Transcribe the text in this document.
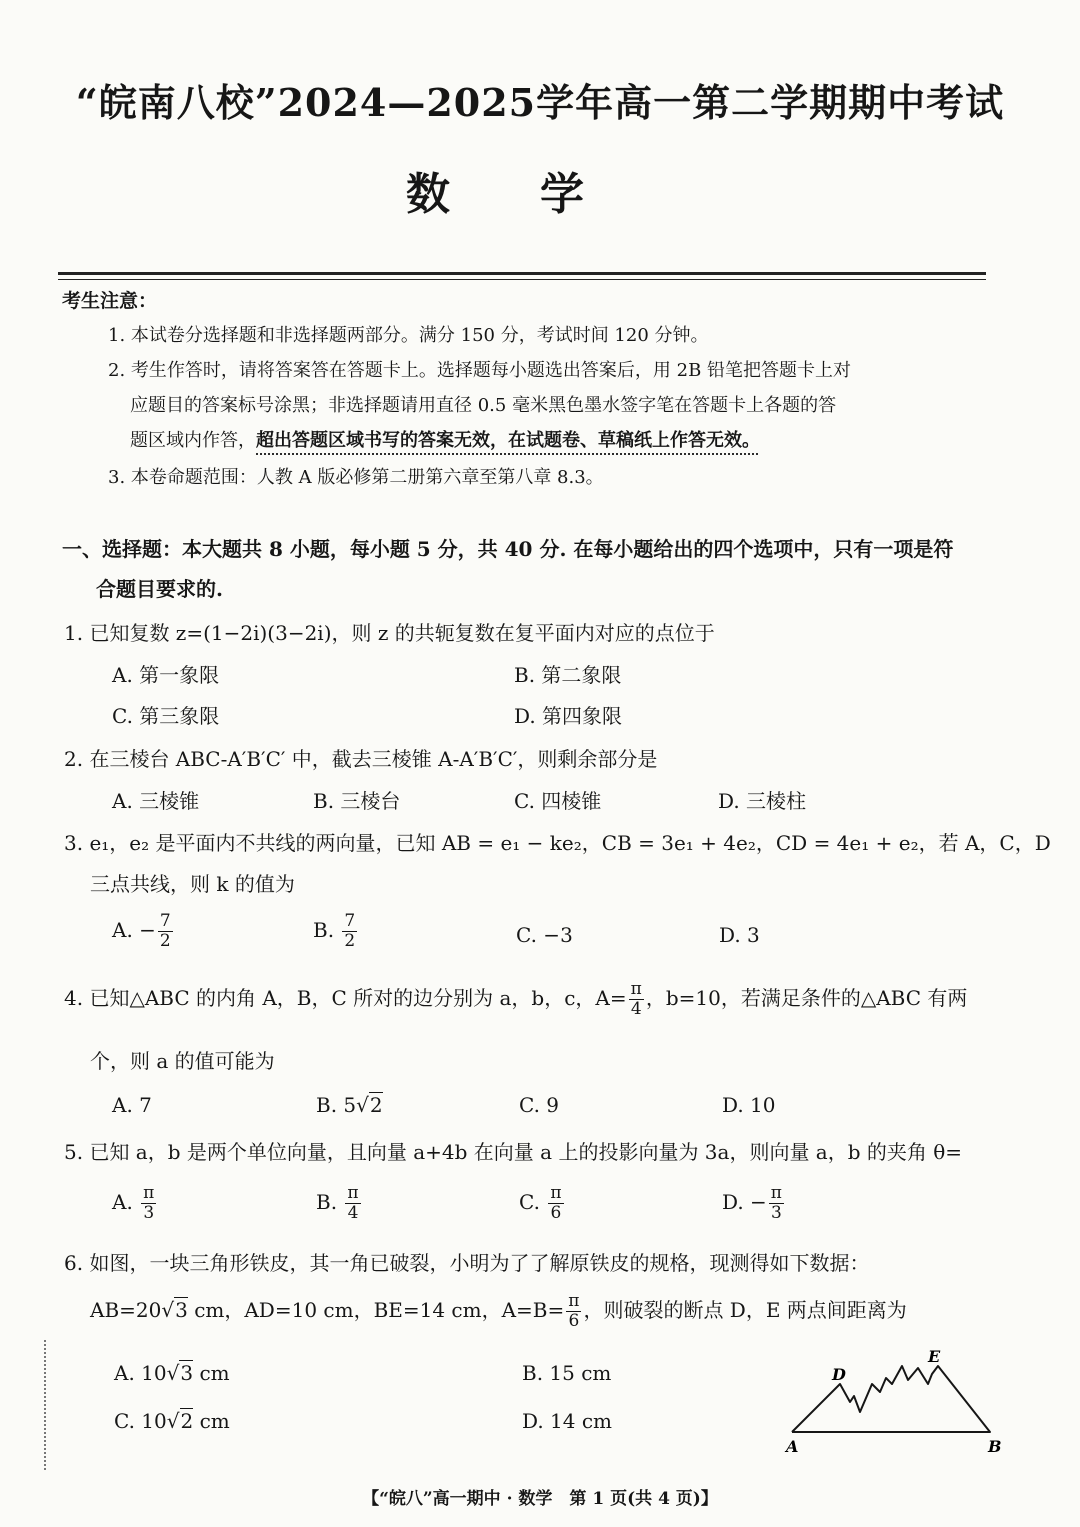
“皖南八校”2024—2025学年高一第二学期期中考试
数学
考生注意：
1. 本试卷分选择题和非选择题两部分。满分 150 分，考试时间 120 分钟。
2. 考生作答时，请将答案答在答题卡上。选择题每小题选出答案后，用 2B 铅笔把答题卡上对
应题目的答案标号涂黑；非选择题请用直径 0.5 毫米黑色墨水签字笔在答题卡上各题的答
题区域内作答，超出答题区域书写的答案无效，在试题卷、草稿纸上作答无效。
3. 本卷命题范围：人教 A 版必修第二册第六章至第八章 8.3。
一、选择题：本大题共 8 小题，每小题 5 分，共 40 分. 在每小题给出的四个选项中，只有一项是符
合题目要求的.
1. 已知复数 z=(1−2i)(3−2i)，则 z 的共轭复数在复平面内对应的点位于
A. 第一象限	B. 第二象限
C. 第三象限	D. 第四象限
2. 在三棱台 ABC-A′B′C′ 中，截去三棱锥 A-A′B′C′，则剩余部分是
A. 三棱锥	B. 三棱台	C. 四棱锥	D. 三棱柱
3. e₁，e₂ 是平面内不共线的两向量，已知 AB = e₁ − ke₂，CB = 3e₁ + 4e₂，CD = 4e₁ + e₂，若 A，C，D
三点共线，则 k 的值为
A. − $\frac{7}{2}$	B. $\frac{7}{2}$	C. −3	D. 3
4. 已知△ABC 的内角 A，B，C 所对的边分别为 a，b，c，$A= \frac{\pi}{4}$ ，b=10，若满足条件的△ABC 有两
个，则 a 的值可能为
A. 7	B. 5√2	C. 9	D. 10
5. 已知 a，b 是两个单位向量，且向量 a+4b 在向量 a 上的投影向量为 3a，则向量 a，b 的夹角 θ=
A. $\frac{\pi}{3}$	B. $\frac{\pi}{4}$	C. $\frac{\pi}{6}$	D. − $\frac{\pi}{3}$
6. 如图，一块三角形铁皮，其一角已破裂，小明为了了解原铁皮的规格，现测得如下数据：
AB=20√3 cm，AD=10 cm，BE=14 cm，$A=B= \frac{\pi}{6}$ ，则破裂的断点 D，E 两点间距离为
A. 10√3 cm	B. 15 cm
C. 10√2 cm	D. 14 cm
D
E
A	B
【“皖八”高一期中 · 数学　第 1 页(共 4 页)】
